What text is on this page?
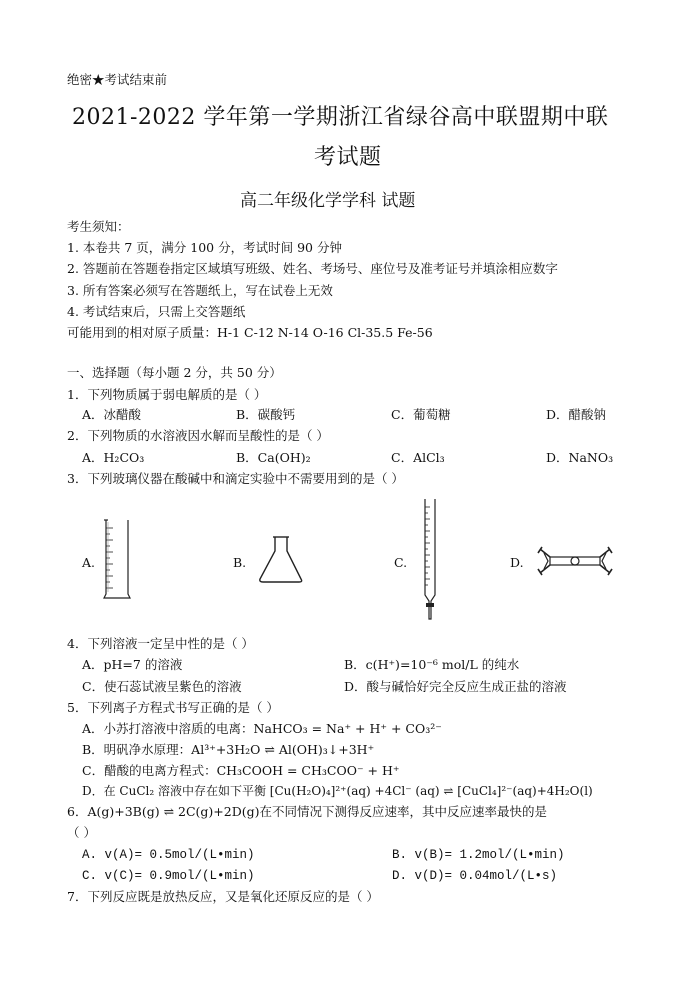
绝密★考试结束前
2021-2022 学年第一学期浙江省绿谷高中联盟期中联
考试题
高二年级化学学科 试题
考生须知：
1. 本卷共 7 页，满分 100 分，考试时间 90 分钟
2. 答题前在答题卷指定区域填写班级、姓名、考场号、座位号及准考证号并填涂相应数字
3. 所有答案必须写在答题纸上，写在试卷上无效
4. 考试结束后，只需上交答题纸
可能用到的相对原子质量：H-1 C-12 N-14 O-16 Cl-35.5 Fe-56
一、选择题（每小题 2 分，共 50 分）
1．下列物质属于弱电解质的是（ ）
A．冰醋酸	B．碳酸钙	C．葡萄糖	D．醋酸钠
2．下列物质的水溶液因水解而呈酸性的是（ ）
A．H₂CO₃	B．Ca(OH)₂	C．AlCl₃	D．NaNO₃
3．下列玻璃仪器在酸碱中和滴定实验中不需要用到的是（ ）
A.	B.	C.	D.
4．下列溶液一定呈中性的是（ ）
A．pH=7 的溶液	B．c(H⁺)=10⁻⁶ mol/L 的纯水
C．使石蕊试液呈紫色的溶液	D．酸与碱恰好完全反应生成正盐的溶液
5．下列离子方程式书写正确的是（ ）
A．小苏打溶液中溶质的电离：NaHCO₃ = Na⁺ + H⁺ + CO₃²⁻
B．明矾净水原理：Al³⁺+3H₂O ⇌ Al(OH)₃↓+3H⁺
C．醋酸的电离方程式：CH₃COOH = CH₃COO⁻ + H⁺
D．在 CuCl₂ 溶液中存在如下平衡 [Cu(H₂O)₄]²⁺(aq) +4Cl⁻ (aq) ⇌ [CuCl₄]²⁻(aq)+4H₂O(l)
6．A(g)+3B(g) ⇌ 2C(g)+2D(g)在不同情况下测得反应速率，其中反应速率最快的是
（ ）
A. v(A)= 0.5mol/(L•min)	B. v(B)= 1.2mol/(L•min)
C. v(C)= 0.9mol/(L•min)	D. v(D)= 0.04mol/(L•s)
7．下列反应既是放热反应，又是氧化还原反应的是（ ）
